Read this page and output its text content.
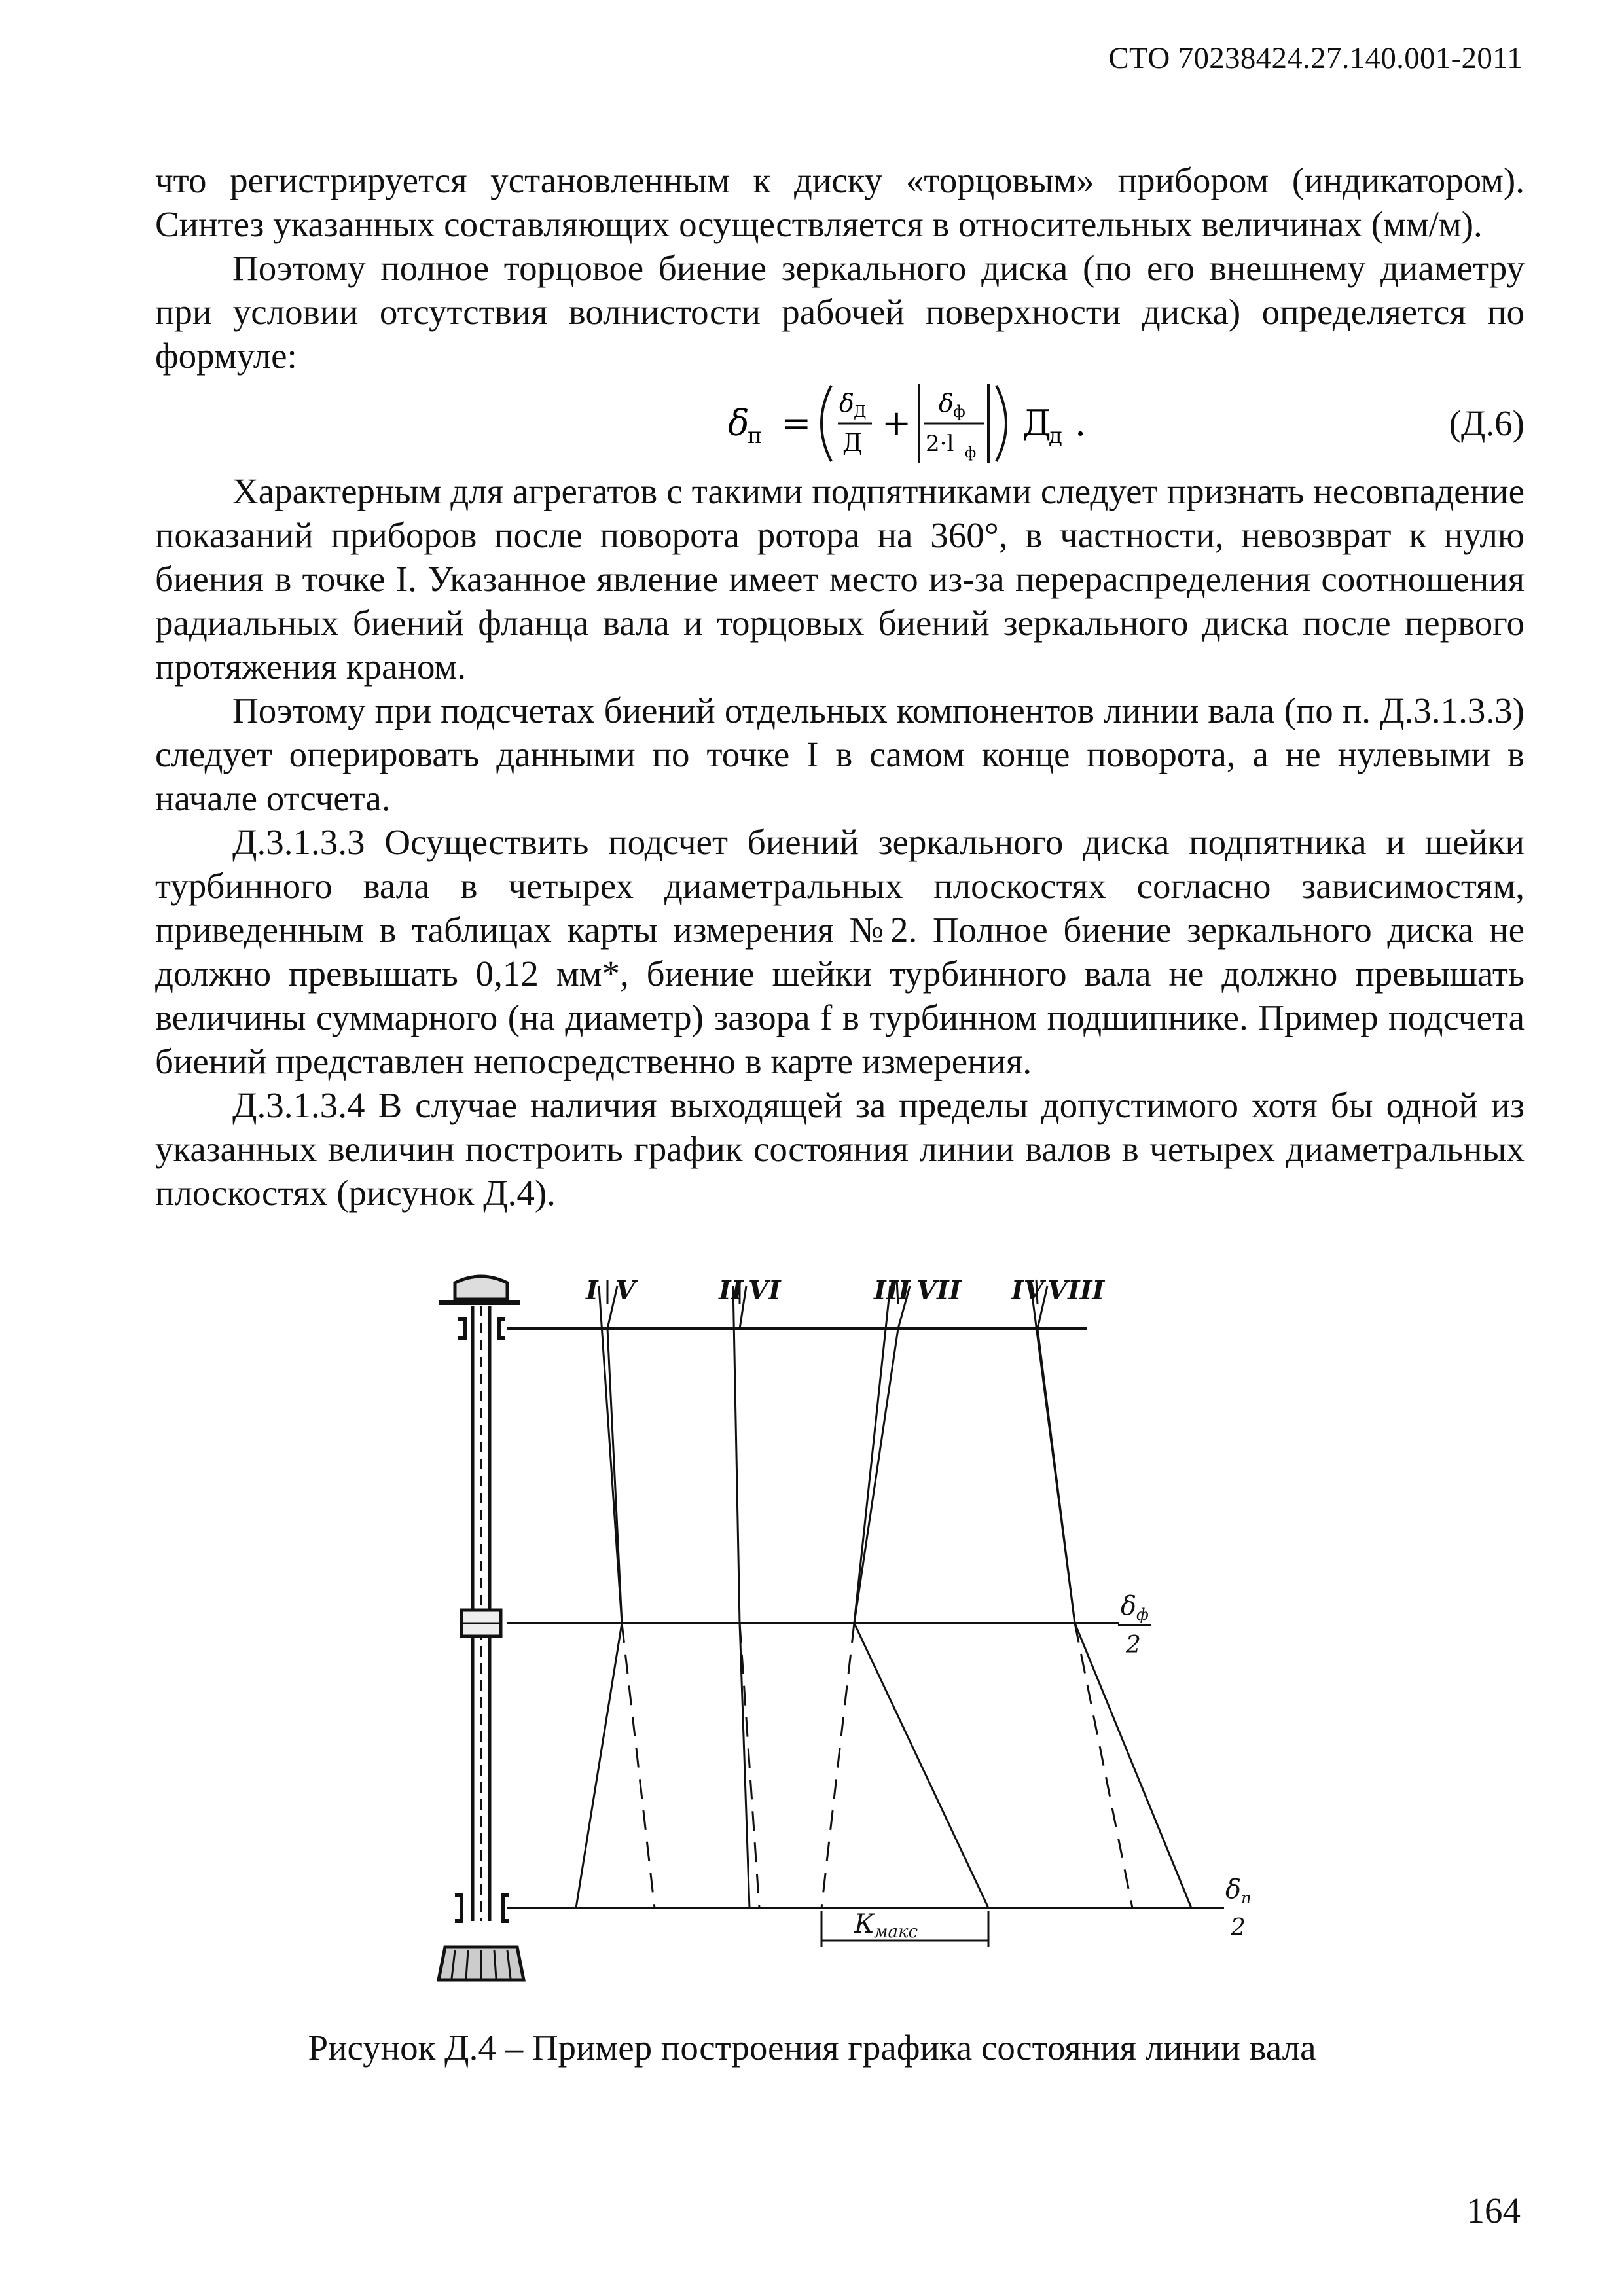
СТО 70238424.27.140.001-2011

что регистрируется установленным к диску «торцовым» прибором (индикатором). Синтез указанных составляющих осуществляется в относительных величинах (мм/м).

Поэтому полное торцовое биение зеркального диска (по его внешнему диаметру при условии отсутствия волнистости рабочей поверхности диска) определяется по формуле:

δ
п = δ Д
Д + δ ф
2·l ф
Д
д .	(Д.6)

Характерным для агрегатов с такими подпятниками следует признать несовпадение показаний приборов после поворота ротора на 360°, в частности, невозврат к нулю биения в точке I. Указанное явление имеет место из-за перераспределения соотношения радиальных биений фланца вала и торцовых биений зеркального диска после первого протяжения краном.

Поэтому при подсчетах биений отдельных компонентов линии вала (по п. Д.3.1.3.3) следует оперировать данными по точке I в самом конце поворота, а не нулевыми в начале отсчета.

Д.3.1.3.3 Осуществить подсчет биений зеркального диска подпятника и шейки турбинного вала в четырех диаметральных плоскостях согласно зависимостям, приведенным в таблицах карты измерения №2. Полное биение зеркального диска не должно превышать 0,12 мм*, биение шейки турбинного вала не должно превышать величины суммарного (на диаметр) зазора f в турбинном подшипнике. Пример подсчета биений представлен непосредственно в карте измерения.

Д.3.1.3.4 В случае наличия выходящей за пределы допустимого хотя бы одной из указанных величин построить график состояния линии валов в четырех диаметральных плоскостях (рисунок Д.4).

I V	II VI	III VII IV VIII
К макс
δ ф
2
δ п
2
Рисунок Д.4 – Пример построения графика состояния линии вала
164
